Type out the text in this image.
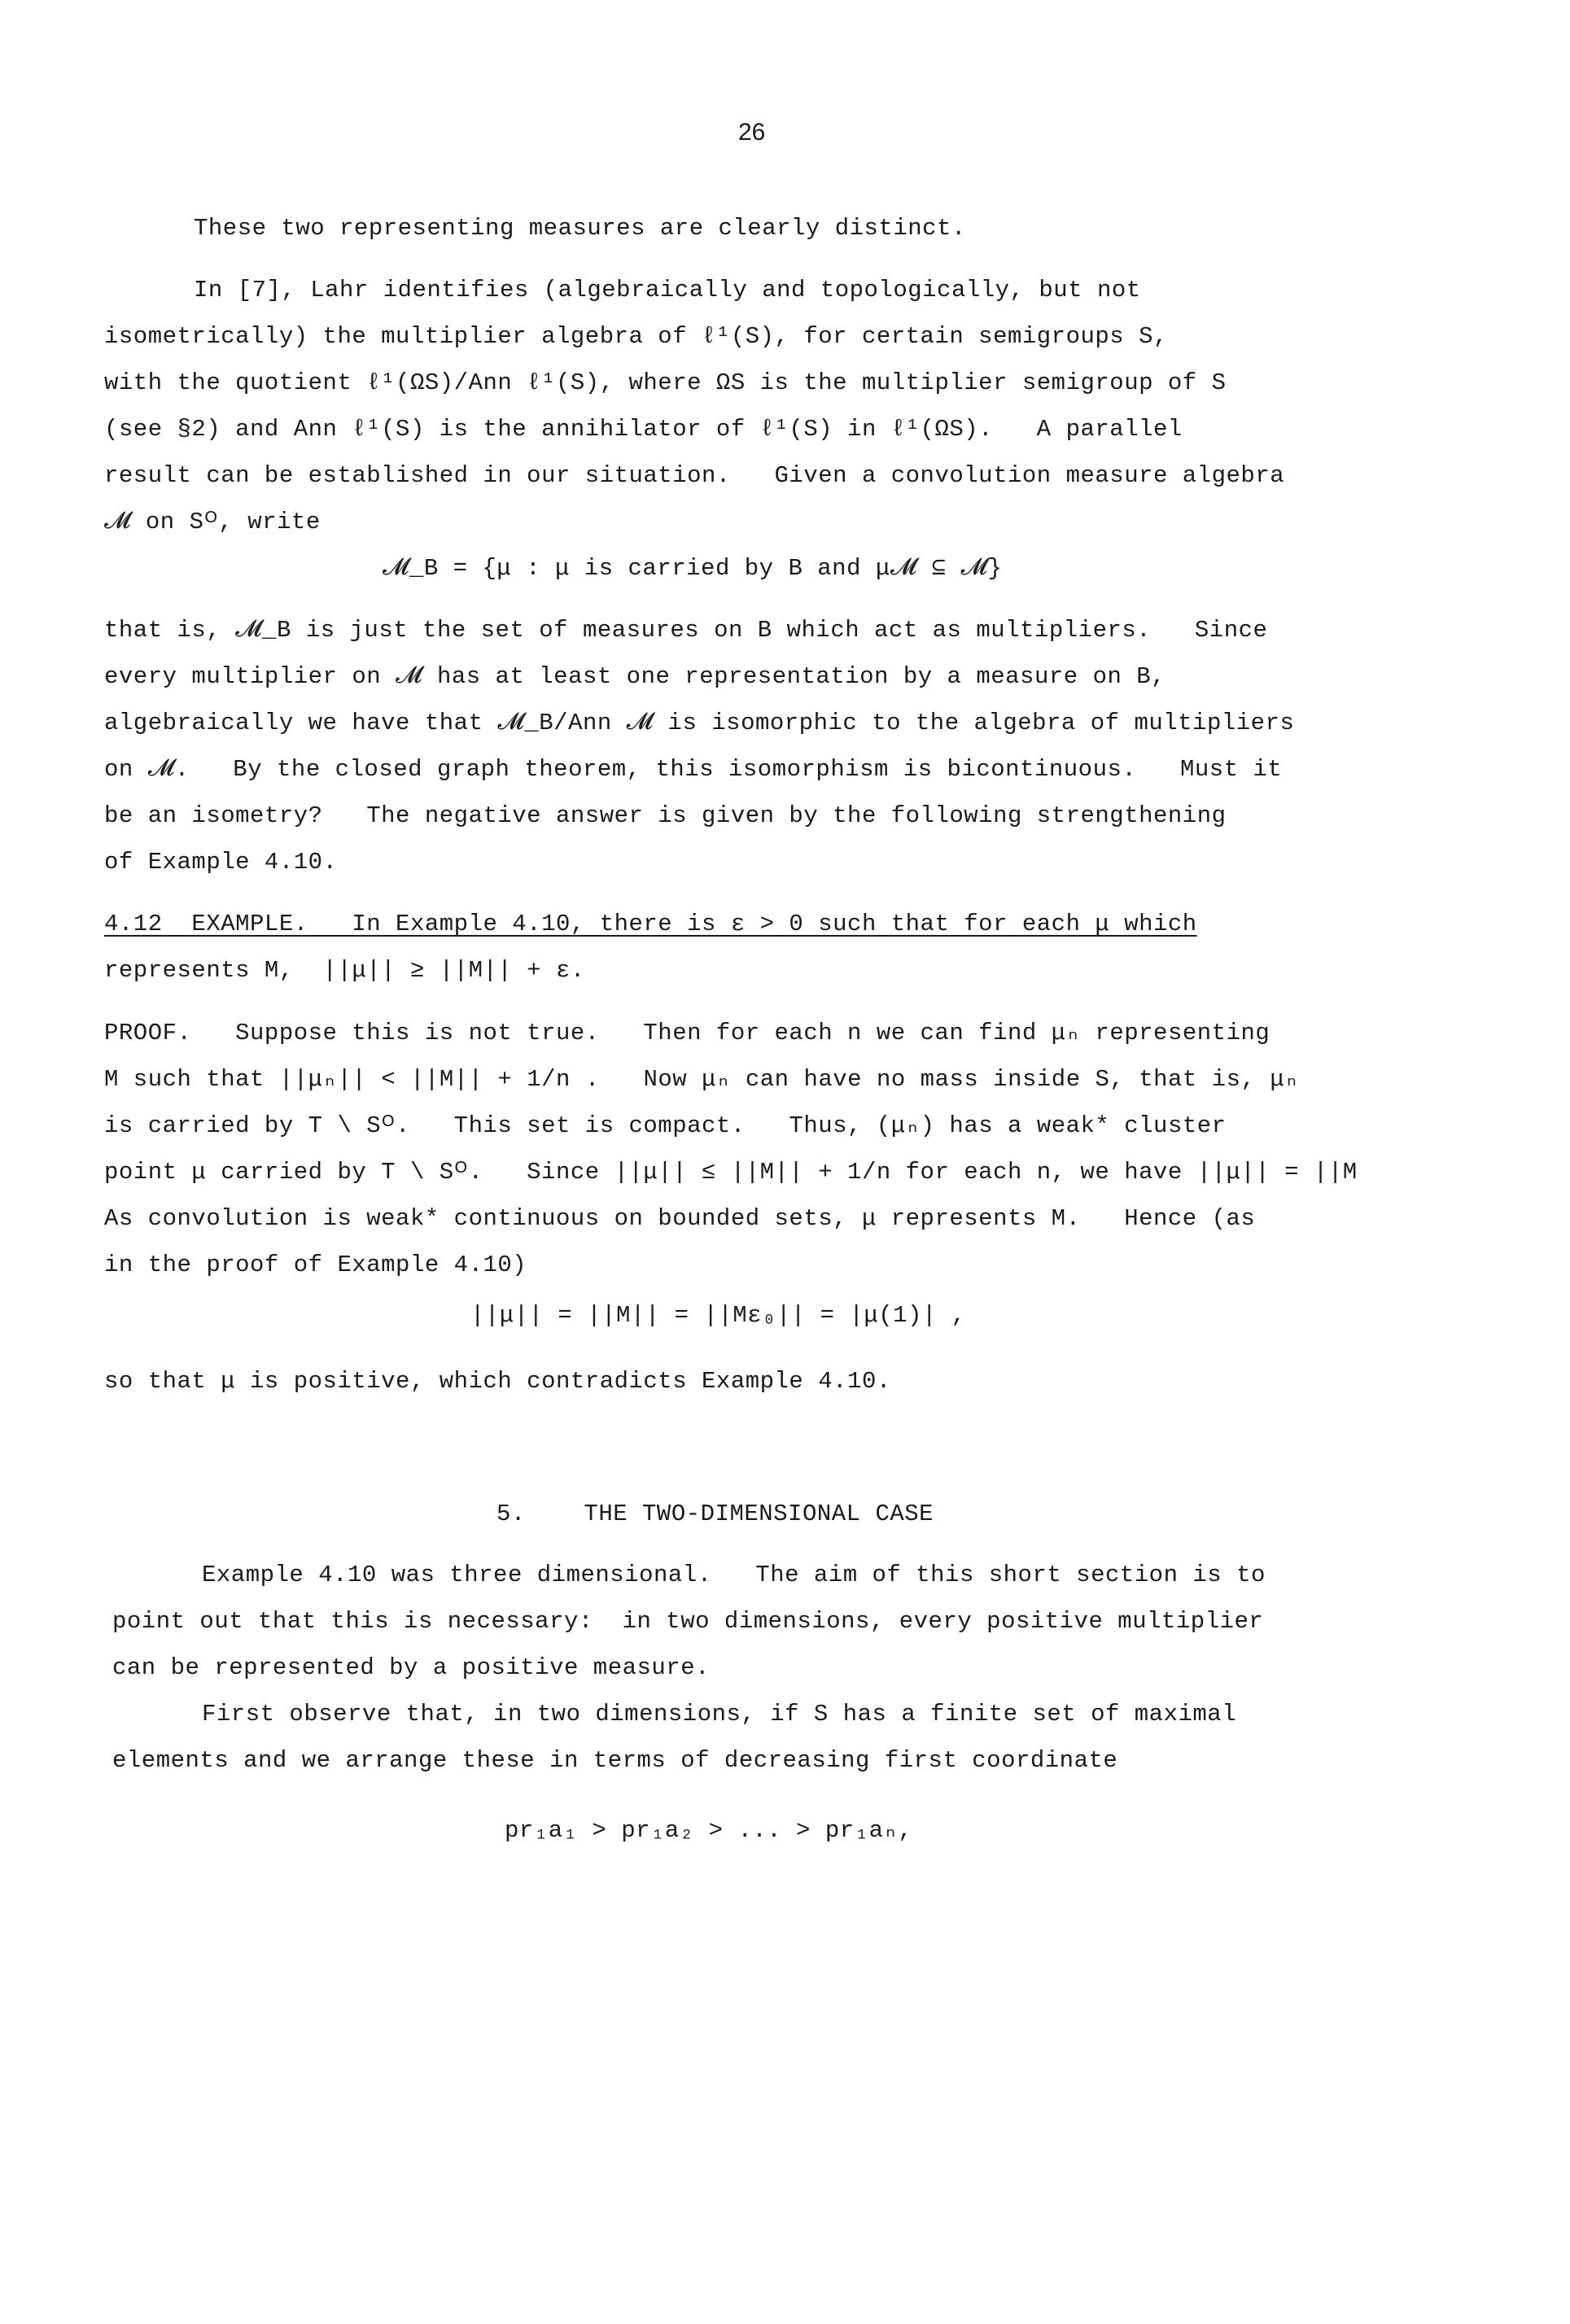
26
These two representing measures are clearly distinct.
In [7], Lahr identifies (algebraically and topologically, but not
isometrically) the multiplier algebra of ℓ¹(S), for certain semigroups S,
with the quotient ℓ¹(ΩS)/Ann ℓ¹(S), where ΩS is the multiplier semigroup of S
(see §2) and Ann ℓ¹(S) is the annihilator of ℓ¹(S) in ℓ¹(ΩS).   A parallel
result can be established in our situation.   Given a convolution measure algebra
𝓜 on Sᴼ, write
𝓜_B = {μ : μ is carried by B and μ𝓜 ⊆ 𝓜}
that is, 𝓜_B is just the set of measures on B which act as multipliers.   Since
every multiplier on 𝓜 has at least one representation by a measure on B,
algebraically we have that 𝓜_B/Ann 𝓜 is isomorphic to the algebra of multipliers
on 𝓜.   By the closed graph theorem, this isomorphism is bicontinuous.   Must it
be an isometry?   The negative answer is given by the following strengthening
of Example 4.10.
4.12  EXAMPLE.   In Example 4.10, there is ε > 0 such that for each μ which
represents M,  ||μ|| ≥ ||M|| + ε.
PROOF.   Suppose this is not true.   Then for each n we can find μₙ representing
M such that ||μₙ|| < ||M|| + 1/n .   Now μₙ can have no mass inside S, that is, μₙ
is carried by T \ Sᴼ.   This set is compact.   Thus, (μₙ) has a weak* cluster
point μ carried by T \ Sᴼ.   Since ||μ|| ≤ ||M|| + 1/n for each n, we have ||μ|| = ||M
As convolution is weak* continuous on bounded sets, μ represents M.   Hence (as
in the proof of Example 4.10)
||μ|| = ||M|| = ||Mε₀|| = |μ(1)| ,
so that μ is positive, which contradicts Example 4.10.
5.    THE TWO-DIMENSIONAL CASE
Example 4.10 was three dimensional.   The aim of this short section is to
point out that this is necessary:  in two dimensions, every positive multiplier
can be represented by a positive measure.
First observe that, in two dimensions, if S has a finite set of maximal
elements and we arrange these in terms of decreasing first coordinate
pr₁a₁ > pr₁a₂ > ... > pr₁aₙ,
